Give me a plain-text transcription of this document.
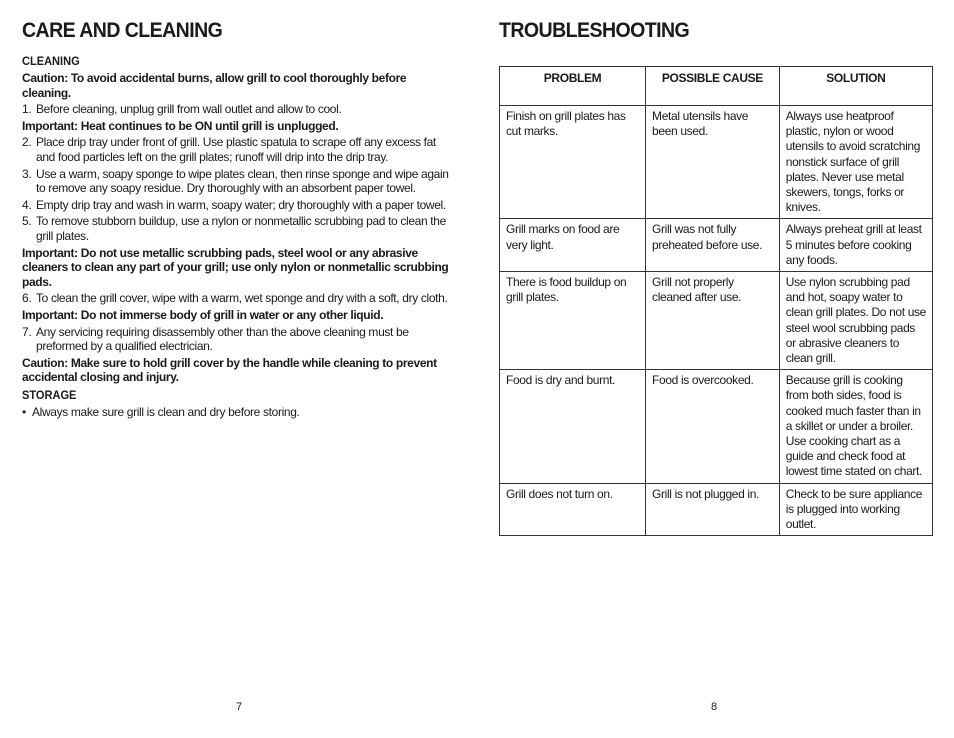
CARE AND CLEANING
CLEANING
Caution: To avoid accidental burns, allow grill to cool thoroughly before cleaning.
1. Before cleaning, unplug grill from wall outlet and allow to cool.
Important: Heat continues to be ON until grill is unplugged.
2. Place drip tray under front of grill. Use plastic spatula to scrape off any excess fat and food particles left on the grill plates; runoff will drip into the drip tray.
3. Use a warm, soapy sponge to wipe plates clean, then rinse sponge and wipe again to remove any soapy residue. Dry thoroughly with an absorbent paper towel.
4. Empty drip tray and wash in warm, soapy water; dry thoroughly with a paper towel.
5. To remove stubborn buildup, use a nylon or nonmetallic scrubbing pad to clean the grill plates.
Important: Do not use metallic scrubbing pads, steel wool or any abrasive cleaners to clean any part of your grill; use only nylon or nonmetallic scrubbing pads.
6. To clean the grill cover, wipe with a warm, wet sponge and dry with a soft, dry cloth.
Important: Do not immerse body of grill in water or any other liquid.
7. Any servicing requiring disassembly other than the above cleaning must be preformed by a qualified electrician.
Caution: Make sure to hold grill cover by the handle while cleaning to prevent accidental closing and injury.
STORAGE
• Always make sure grill is clean and dry before storing.
TROUBLESHOOTING
PROBLEM	POSSIBLE CAUSE	SOLUTION
Finish on grill plates has cut marks.	Metal utensils have been used.	Always use heatproof plastic, nylon or wood utensils to avoid scratching nonstick surface of grill plates. Never use metal skewers, tongs, forks or knives.
Grill marks on food are very light.	Grill was not fully preheated before use.	Always preheat grill at least 5 minutes before cooking any foods.
There is food buildup on grill plates.	Grill not properly cleaned after use.	Use nylon scrubbing pad and hot, soapy water to clean grill plates. Do not use steel wool scrubbing pads or abrasive cleaners to clean grill.
Food is dry and burnt.	Food is overcooked.	Because grill is cooking from both sides, food is cooked much faster than in a skillet or under a broiler. Use cooking chart as a guide and check food at lowest time stated on chart.
Grill does not turn on.	Grill is not plugged in.	Check to be sure appliance is plugged into working outlet.
7	8
